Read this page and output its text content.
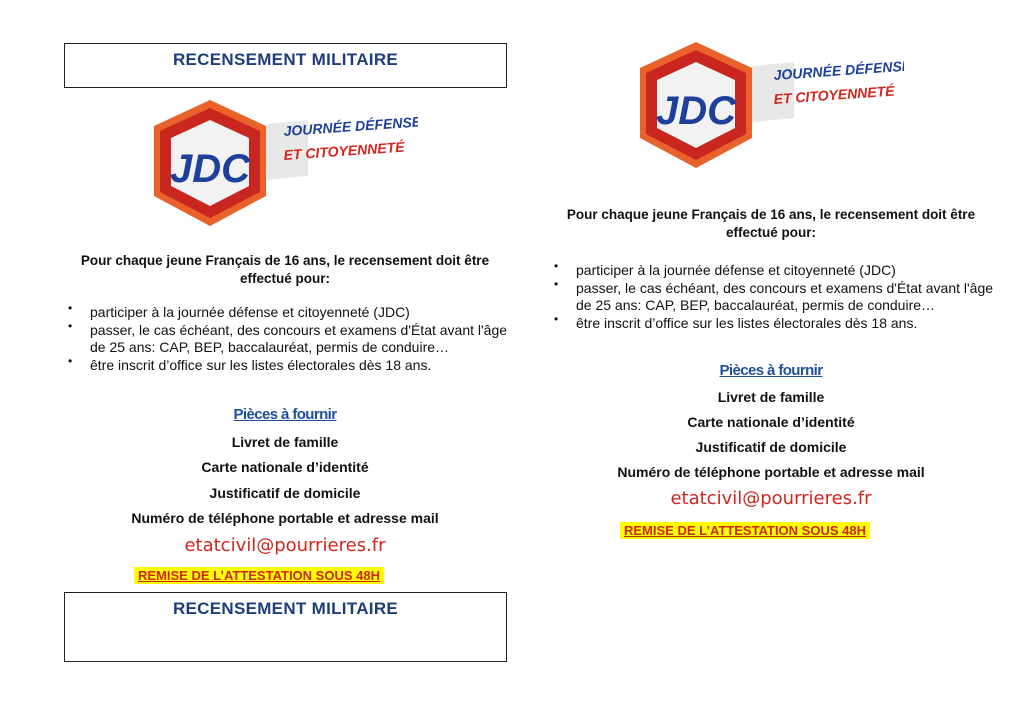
RECENSEMENT MILITAIRE
JDC
JOURNÉE DÉFENSE
ET CITOYENNETÉ
Pour chaque jeune Français de 16 ans, le recensement doit être effectué pour:
• participer à la journée défense et citoyenneté (JDC)
• passer, le cas échéant, des concours et examens d'État avant l'âge de 25 ans: CAP, BEP, baccalauréat, permis de conduire…
• être inscrit d’office sur les listes électorales dès 18 ans.
Pièces à fournir
Livret de famille
Carte nationale d’identité
Justificatif de domicile
Numéro de téléphone portable et adresse mail
etatcivil@pourrieres.fr
REMISE DE L’ATTESTATION SOUS 48H
RECENSEMENT MILITAIRE
JDC
JOURNÉE DÉFENSE
ET CITOYENNETÉ
Pour chaque jeune Français de 16 ans, le recensement doit être effectué pour:
• participer à la journée défense et citoyenneté (JDC)
• passer, le cas échéant, des concours et examens d'État avant l'âge de 25 ans: CAP, BEP, baccalauréat, permis de conduire…
• être inscrit d’office sur les listes électorales dès 18 ans.
Pièces à fournir
Livret de famille
Carte nationale d’identité
Justificatif de domicile
Numéro de téléphone portable et adresse mail
etatcivil@pourrieres.fr
REMISE DE L’ATTESTATION SOUS 48H
